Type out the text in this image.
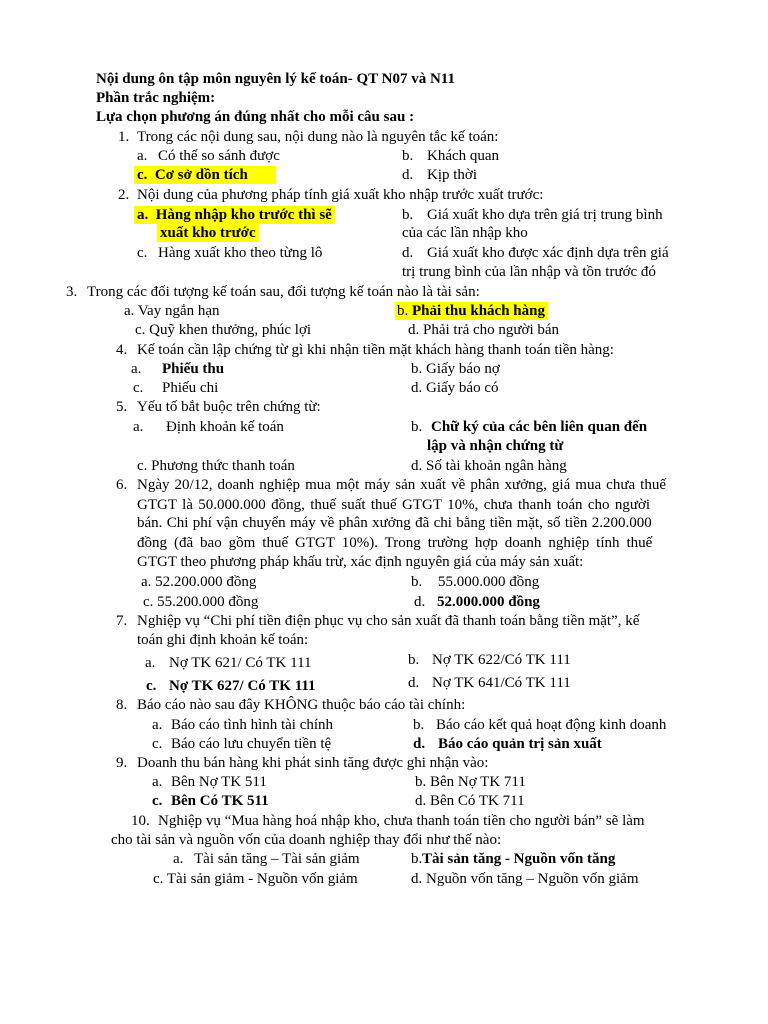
Nội dung ôn tập môn nguyên lý kế toán- QT N07 và N11
Phần trắc nghiệm:
Lựa chọn phương án đúng nhất cho mỗi câu sau :
1. Trong các nội dung sau, nội dung nào là nguyên tắc kế toán:
a. Có thể so sánh được	b. Khách quan
c. Cơ sở dồn tích	d. Kịp thời
2. Nội dung của phương pháp tính giá xuất kho nhập trước xuất trước:
a. Hàng nhập kho trước thì sẽ
xuất kho trước
b. Giá xuất kho dựa trên giá trị trung bình
của các lần nhập kho
c. Hàng xuất kho theo từng lô	d. Giá xuất kho được xác định dựa trên giá
trị trung bình của lần nhập và tồn trước đó
3. Trong các đối tượng kế toán sau, đối tượng kế toán nào là tài sản:
a. Vay ngắn hạn	b. Phải thu khách hàng
c. Quỹ khen thưởng, phúc lợi	d. Phải trả cho người bán
4. Kế toán cần lập chứng từ gì khi nhận tiền mặt khách hàng thanh toán tiền hàng:
a. Phiếu thu	b. Giấy báo nợ
c. Phiếu chi	d. Giấy báo có
5. Yếu tố bắt buộc trên chứng từ:
a. Định khoản kế toán	b. Chữ ký của các bên liên quan đến
lập và nhận chứng từ
c. Phương thức thanh toán	d. Số tài khoản ngân hàng
6. Ngày 20/12, doanh nghiệp mua một máy sản xuất về phân xưởng, giá mua chưa thuế
GTGT là 50.000.000 đồng, thuế suất thuế GTGT 10%, chưa thanh toán cho người
bán. Chi phí vận chuyển máy về phân xưởng đã chi bằng tiền mặt, số tiền 2.200.000
đồng (đã bao gồm thuế GTGT 10%). Trong trường hợp doanh nghiệp tính thuế
GTGT theo phương pháp khấu trừ, xác định nguyên giá của máy sản xuất:
a. 52.200.000 đồng	b. 55.000.000 đồng
c. 55.200.000 đồng	d. 52.000.000 đồng
7. Nghiệp vụ “Chi phí tiền điện phục vụ cho sản xuất đã thanh toán bằng tiền mặt”, kế
toán ghi định khoản kế toán:
a. Nợ TK 621/ Có TK 111	b. Nợ TK 622/Có TK 111
c. Nợ TK 627/ Có TK 111	d. Nợ TK 641/Có TK 111
8. Báo cáo nào sau đây KHÔNG thuộc báo cáo tài chính:
a. Báo cáo tình hình tài chính	b. Báo cáo kết quả hoạt động kinh doanh
c. Báo cáo lưu chuyển tiền tệ	d. Báo cáo quản trị sản xuất
9. Doanh thu bán hàng khi phát sinh tăng được ghi nhận vào:
a. Bên Nợ TK 511	b. Bên Nợ TK 711
c. Bên Có TK 511	d. Bên Có TK 711
10. Nghiệp vụ “Mua hàng hoá nhập kho, chưa thanh toán tiền cho người bán” sẽ làm
cho tài sản và nguồn vốn của doanh nghiệp thay đổi như thế nào:
a. Tài sản tăng – Tài sản giảm	b. Tài sản tăng - Nguồn vốn tăng
c. Tài sản giảm - Nguồn vốn giảm	d. Nguồn vốn tăng – Nguồn vốn giảm
